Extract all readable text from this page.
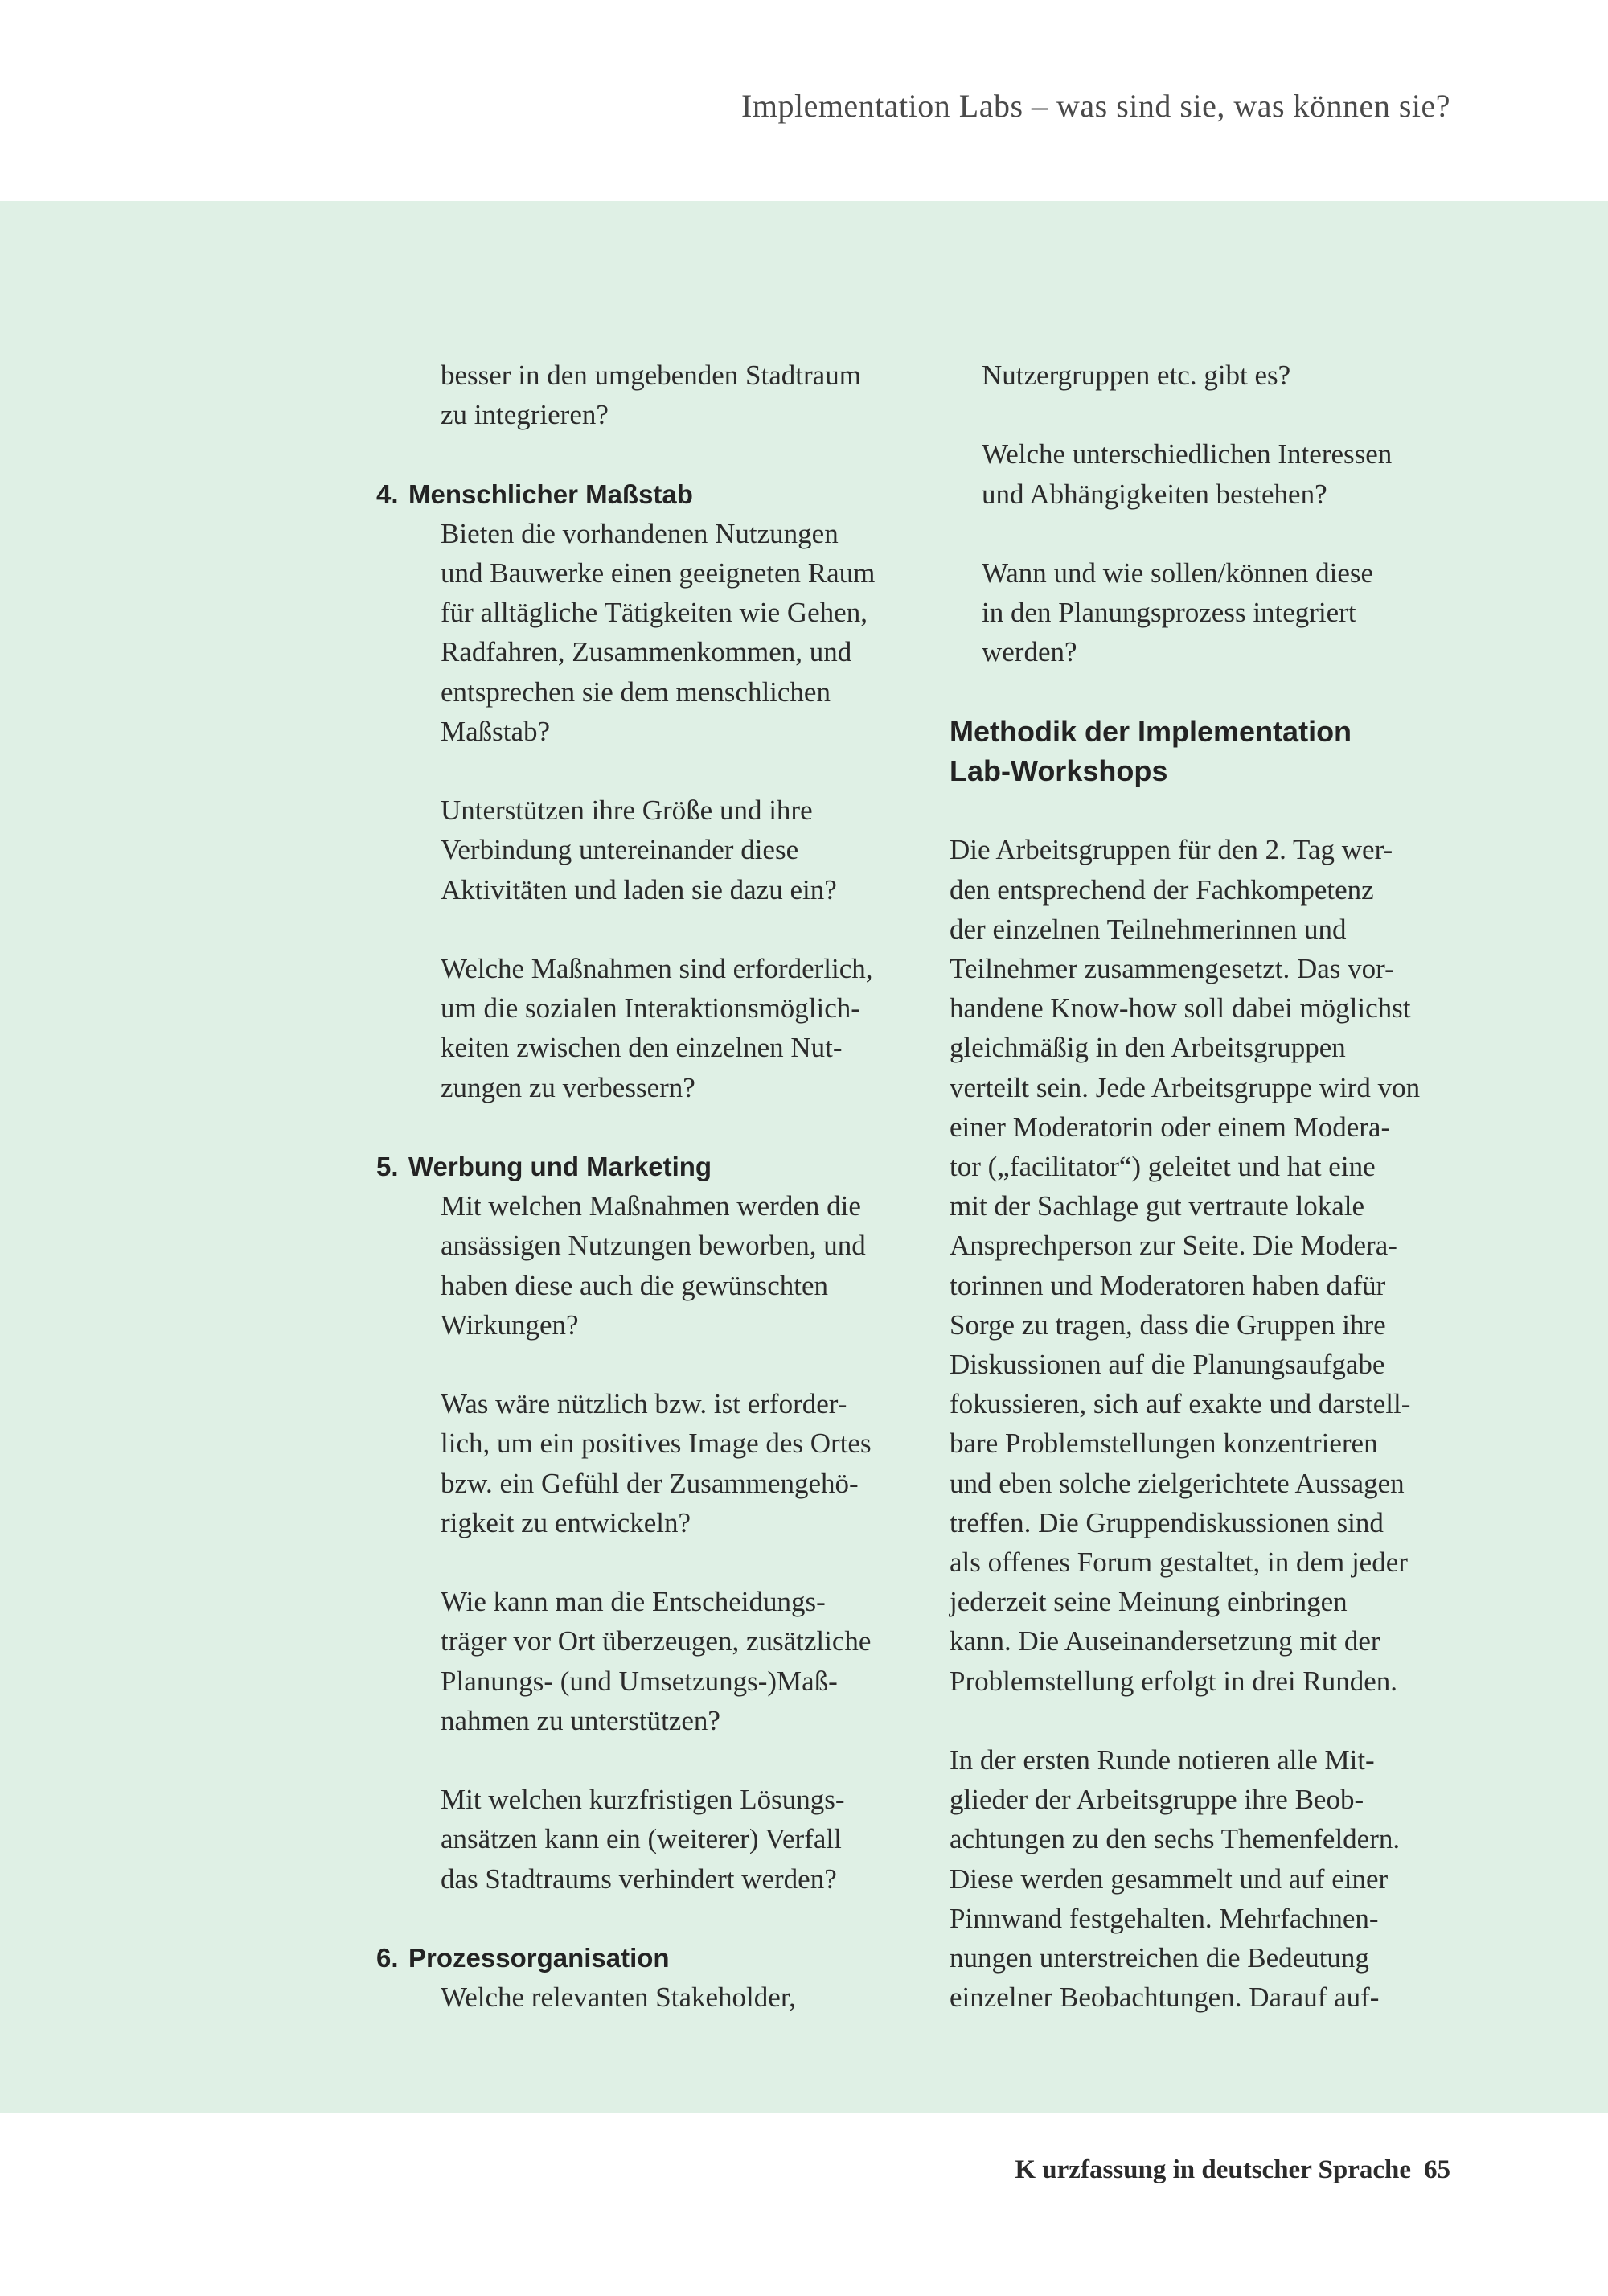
Implementation Labs – was sind sie, was können sie?
besser in den umgebenden Stadtraum
zu integrieren?
4. Menschlicher Maßstab
Bieten die vorhandenen Nutzungen
und Bauwerke einen geeigneten Raum
für alltägliche Tätigkeiten wie Gehen,
Radfahren, Zusammenkommen, und
entsprechen sie dem menschlichen
Maßstab?
Unterstützen ihre Größe und ihre
Verbindung untereinander diese
Aktivitäten und laden sie dazu ein?
Welche Maßnahmen sind erforderlich,
um die sozialen Interaktionsmöglich-
keiten zwischen den einzelnen Nut-
zungen zu verbessern?
5. Werbung und Marketing
Mit welchen Maßnahmen werden die
ansässigen Nutzungen beworben, und
haben diese auch die gewünschten
Wirkungen?
Was wäre nützlich bzw. ist erforder-
lich, um ein positives Image des Ortes
bzw. ein Gefühl der Zusammengehö-
rigkeit zu entwickeln?
Wie kann man die Entscheidungs-
träger vor Ort überzeugen, zusätzliche
Planungs- (und Umsetzungs-)Maß-
nahmen zu unterstützen?
Mit welchen kurzfristigen Lösungs-
ansätzen kann ein (weiterer) Verfall
das Stadtraums verhindert werden?
6. Prozessorganisation
Welche relevanten Stakeholder,
Nutzergruppen etc. gibt es?
Welche unterschiedlichen Interessen
und Abhängigkeiten bestehen?
Wann und wie sollen/können diese
in den Planungsprozess integriert
werden?
Methodik der Implementation
Lab-Workshops
Die Arbeitsgruppen für den 2. Tag wer-
den entsprechend der Fachkompetenz
der einzelnen Teilnehmerinnen und
Teilnehmer zusammengesetzt. Das vor-
handene Know-how soll dabei möglichst
gleichmäßig in den Arbeitsgruppen
verteilt sein. Jede Arbeitsgruppe wird von
einer Moderatorin oder einem Modera-
tor („facilitator“) geleitet und hat eine
mit der Sachlage gut vertraute lokale
Ansprechperson zur Seite. Die Modera-
torinnen und Moderatoren haben dafür
Sorge zu tragen, dass die Gruppen ihre
Diskussionen auf die Planungsaufgabe
fokussieren, sich auf exakte und darstell-
bare Problemstellungen konzentrieren
und eben solche zielgerichtete Aussagen
treffen. Die Gruppendiskussionen sind
als offenes Forum gestaltet, in dem jeder
jederzeit seine Meinung einbringen
kann. Die Auseinandersetzung mit der
Problemstellung erfolgt in drei Runden.
In der ersten Runde notieren alle Mit-
glieder der Arbeitsgruppe ihre Beob-
achtungen zu den sechs Themenfeldern.
Diese werden gesammelt und auf einer
Pinnwand festgehalten. Mehrfachnen-
nungen unterstreichen die Bedeutung
einzelner Beobachtungen. Darauf auf-
K urzfassung in deutscher Sprache 65
